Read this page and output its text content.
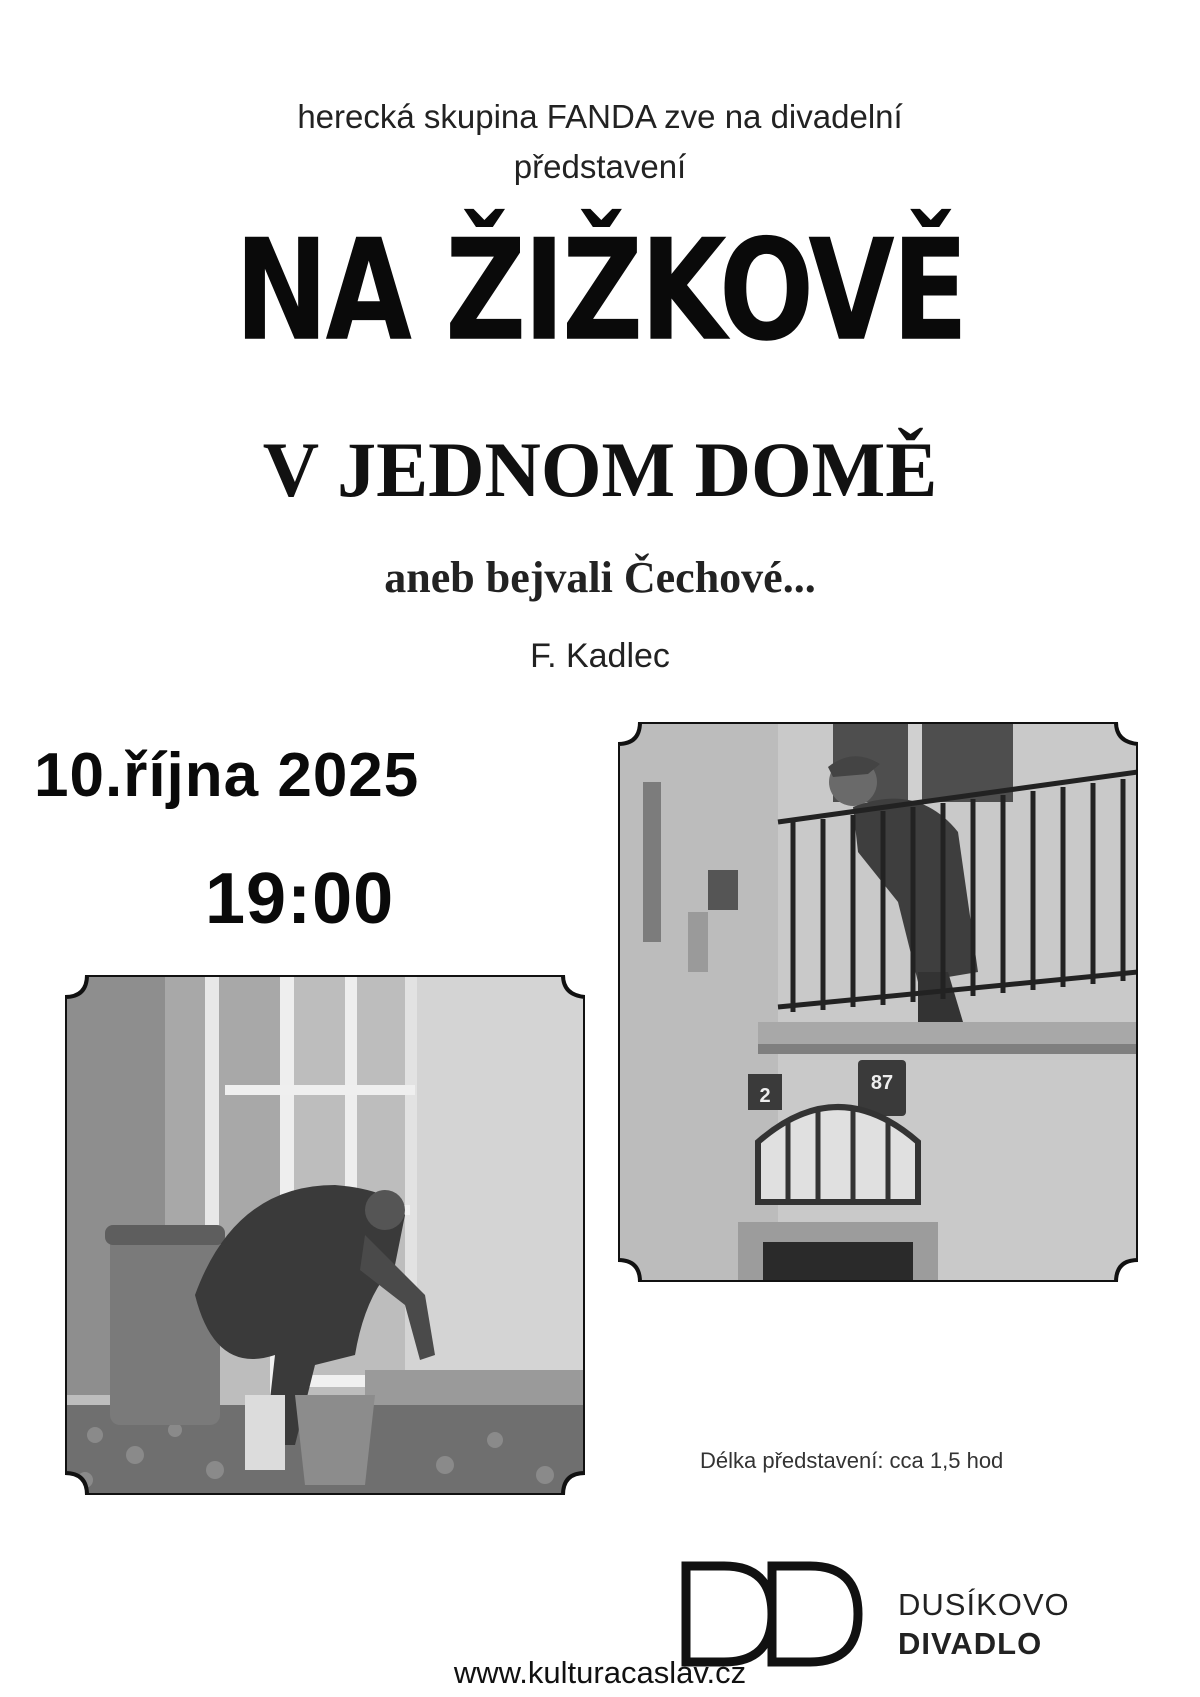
herecká skupina FANDA zve na divadelní
představení
NA ŽIŽKOVĚ
V JEDNOM DOMĚ
aneb bejvali Čechové...
F. Kadlec
10.října 2025
19:00
2
87
Délka představení: cca 1,5 hod
DUSÍKOVO
DIVADLO
www.kulturacaslav.cz
